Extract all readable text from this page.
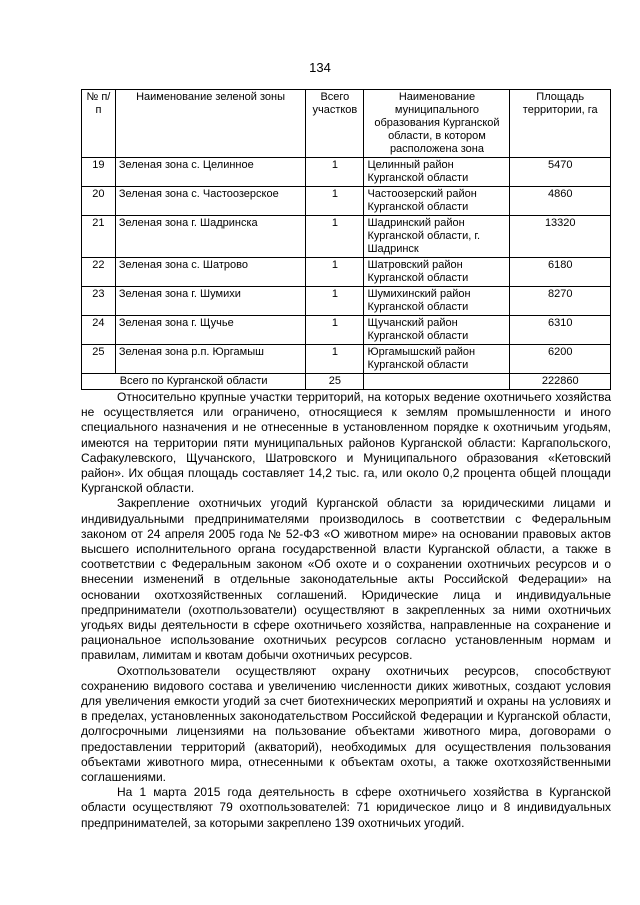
134
№ п/п	Наименование зеленой зоны	Всего участков	Наименование муниципального образования Курганской области, в котором расположена зона	Площадь территории, га
19	Зеленая зона с. Целинное	1	Целинный район Курганской области	5470
20	Зеленая зона с. Частоозерское	1	Частоозерский район Курганской области	4860
21	Зеленая зона г. Шадринска	1	Шадринский район Курганской области, г. Шадринск	13320
22	Зеленая зона с. Шатрово	1	Шатровский район Курганской области	6180
23	Зеленая зона г. Шумихи	1	Шумихинский район Курганской области	8270
24	Зеленая зона г. Щучье	1	Щучанский район Курганской области	6310
25	Зеленая зона р.п. Юргамыш	1	Юргамышский район Курганской области	6200
Всего по Курганской области		25		222860

Относительно крупные участки территорий, на которых ведение охотничьего хозяйства не осуществляется или ограничено, относящиеся к землям промышленности и иного специального назначения и не отнесенные в установленном порядке к охотничьим угодьям, имеются на территории пяти муниципальных районов Курганской области: Каргапольского, Сафакулевского, Щучанского, Шатровского и Муниципального образования «Кетовский район». Их общая площадь составляет 14,2 тыс. га, или около 0,2 процента общей площади Курганской области.

Закрепление охотничьих угодий Курганской области за юридическими лицами и индивидуальными предпринимателями производилось в соответствии с Федеральным законом от 24 апреля 2005 года № 52-ФЗ «О животном мире» на основании правовых актов высшего исполнительного органа государственной власти Курганской области, а также в соответствии с Федеральным законом «Об охоте и о сохранении охотничьих ресурсов и о внесении изменений в отдельные законодательные акты Российской Федерации» на основании охотхозяйственных соглашений. Юридические лица и индивидуальные предприниматели (охотпользователи) осуществляют в закрепленных за ними охотничьих угодьях виды деятельности в сфере охотничьего хозяйства, направленные на сохранение и рациональное использование охотничьих ресурсов согласно установленным нормам и правилам, лимитам и квотам добычи охотничьих ресурсов.

Охотпользователи осуществляют охрану охотничьих ресурсов, способствуют сохранению видового состава и увеличению численности диких животных, создают условия для увеличения емкости угодий за счет биотехнических мероприятий и охраны на условиях и в пределах, установленных законодательством Российской Федерации и Курганской области, долгосрочными лицензиями на пользование объектами животного мира, договорами о предоставлении территорий (акваторий), необходимых для осуществления пользования объектами животного мира, отнесенными к объектам охоты, а также охотхозяйственными соглашениями.

На 1 марта 2015 года деятельность в сфере охотничьего хозяйства в Курганской области осуществляют 79 охотпользователей: 71 юридическое лицо и 8 индивидуальных предпринимателей, за которыми закреплено 139 охотничьих угодий.
